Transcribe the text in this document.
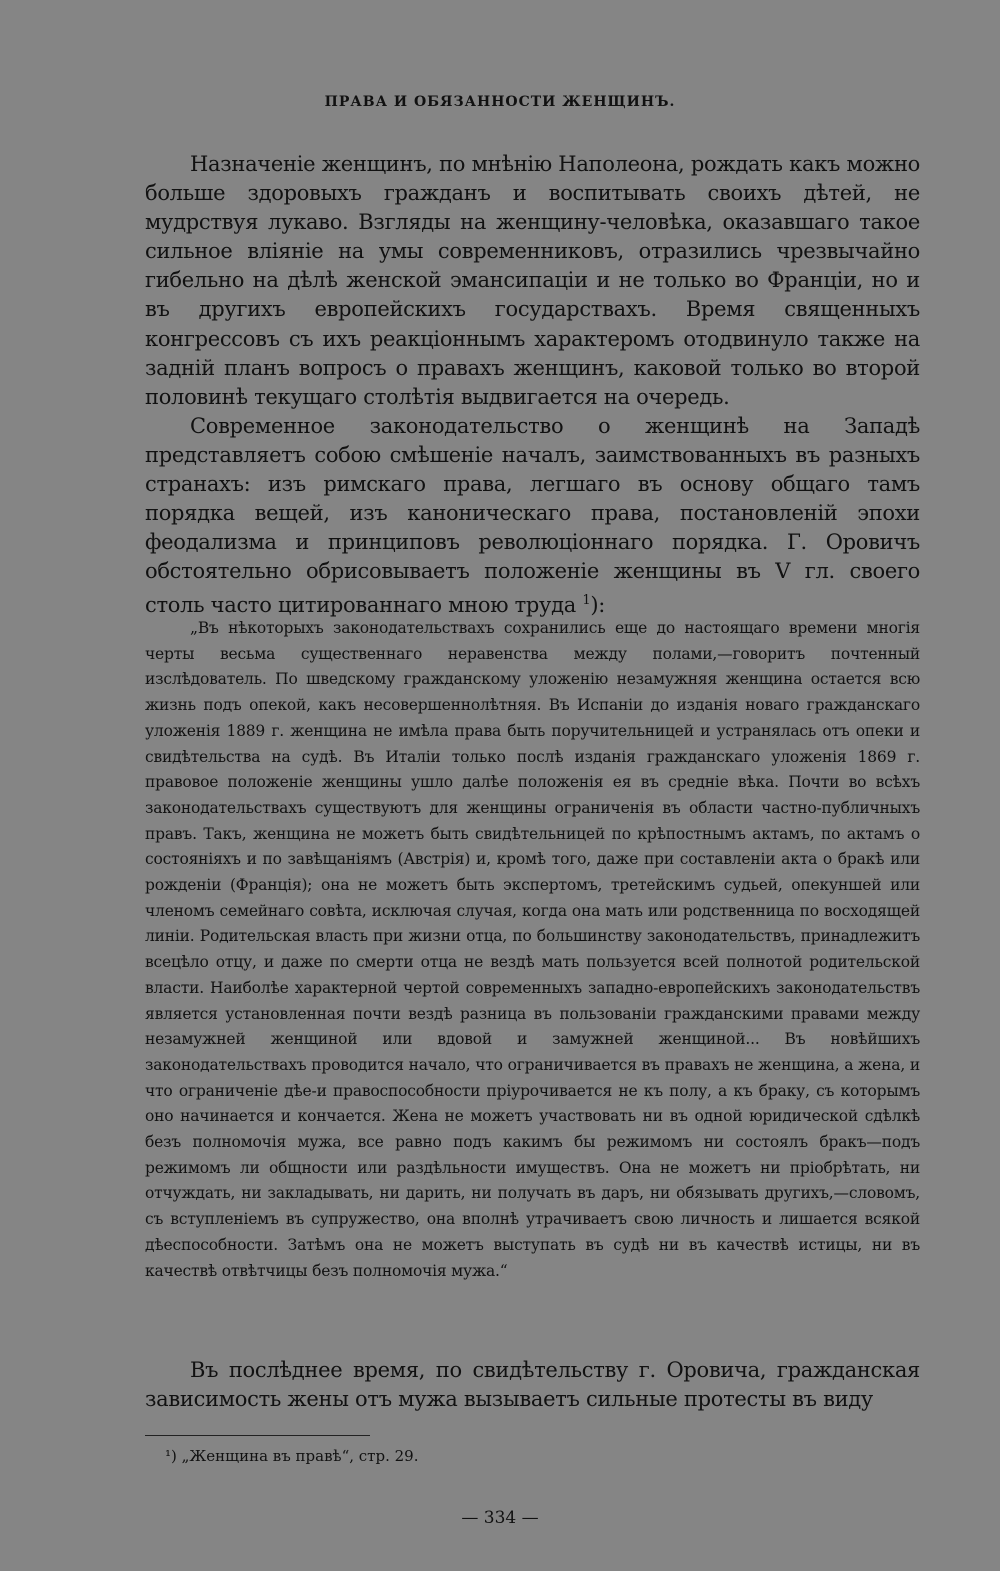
ПРАВА И ОБЯЗАННОСТИ ЖЕНЩИНЪ.

Назначеніе женщинъ, по мнѣнію Наполеона, рождать какъ можно больше здоровыхъ гражданъ и воспитывать своихъ дѣтей, не мудрствуя лукаво. Взгляды на женщину-человѣка, оказавшаго такое сильное вліяніе на умы современниковъ, отразились чрезвычайно гибельно на дѣлѣ женской эмансипаціи и не только во Франціи, но и въ другихъ европейскихъ государствахъ. Время священныхъ конгрессовъ съ ихъ реакціоннымъ характеромъ отодвинуло также на задній планъ вопросъ о правахъ женщинъ, каковой только во второй половинѣ текущаго столѣтія выдвигается на очередь.

Современное законодательство о женщинѣ на Западѣ представляетъ собою смѣшеніе началъ, заимствованныхъ въ разныхъ странахъ: изъ римскаго права, легшаго въ основу общаго тамъ порядка вещей, изъ каноническаго права, постановленій эпохи феодализма и принциповъ революціоннаго порядка. Г. Оровичъ обстоятельно обрисовываетъ положеніе женщины въ V гл. своего столь часто цитированнаго мною труда $^1$):

„Въ нѣкоторыхъ законодательствахъ сохранились еще до настоящаго времени многія черты весьма существеннаго неравенства между полами,—говоритъ почтенный изслѣдователь. По шведскому гражданскому уложенію незамужняя женщина остается всю жизнь подъ опекой, какъ несовершеннолѣтняя. Въ Испаніи до изданія новаго гражданскаго уложенія 1889 г. женщина не имѣла права быть поручительницей и устранялась отъ опеки и свидѣтельства на судѣ. Въ Италіи только послѣ изданія гражданскаго уложенія 1869 г. правовое положеніе женщины ушло далѣе положенія ея въ средніе вѣка. Почти во всѣхъ законодательствахъ существуютъ для женщины ограниченія въ области частно-публичныхъ правъ. Такъ, женщина не можетъ быть свидѣтельницей по крѣпостнымъ актамъ, по актамъ о состояніяхъ и по завѣщаніямъ (Австрія) и, кромѣ того, даже при составленіи акта о бракѣ или рожденіи (Франція); она не можетъ быть экспертомъ, третейскимъ судьей, опекуншей или членомъ семейнаго совѣта, исключая случая, когда она мать или родственница по восходящей линіи. Родительская власть при жизни отца, по большинству законодательствъ, принадлежитъ всецѣло отцу, и даже по смерти отца не вездѣ мать пользуется всей полнотой родительской власти. Наиболѣе характерной чертой современныхъ западно-европейскихъ законодательствъ является установленная почти вездѣ разница въ пользованіи гражданскими правами между незамужней женщиной или вдовой и замужней женщиной... Въ новѣйшихъ законодательствахъ проводится начало, что ограничивается въ правахъ не женщина, а жена, и что ограниченіе дѣе-и правоспособности пріурочивается не къ полу, а къ браку, съ которымъ оно начинается и кончается. Жена не можетъ участвовать ни въ одной юридической сдѣлкѣ безъ полномочія мужа, все равно подъ какимъ бы режимомъ ни состоялъ бракъ—подъ режимомъ ли общности или раздѣльности имуществъ. Она не можетъ ни пріобрѣтать, ни отчуждать, ни закладывать, ни дарить, ни получать въ даръ, ни обязывать другихъ,—словомъ, съ вступленіемъ въ супружество, она вполнѣ утрачиваетъ свою личность и лишается всякой дѣеспособности. Затѣмъ она не можетъ выступать въ судѣ ни въ качествѣ истицы, ни въ качествѣ отвѣтчицы безъ полномочія мужа.“

Въ послѣднее время, по свидѣтельству г. Оровича, гражданская зависимость жены отъ мужа вызываетъ сильные протесты въ виду

¹) „Женщина въ правѣ“, стр. 29.
— 334 —
